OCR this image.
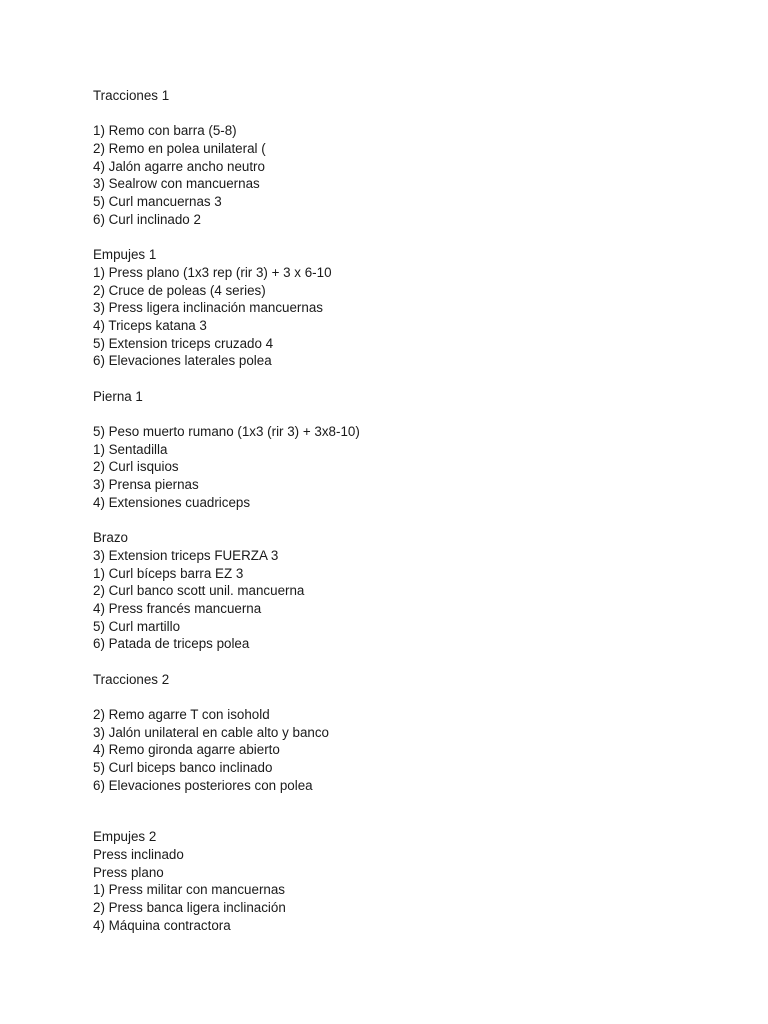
Tracciones 1
1) Remo con barra (5-8)
2) Remo en polea unilateral (
4) Jalón agarre ancho neutro
3) Sealrow con mancuernas
5) Curl mancuernas 3
6) Curl inclinado 2
Empujes 1
1) Press plano (1x3 rep (rir 3) + 3 x 6-10
2) Cruce de poleas (4 series)
3) Press ligera inclinación mancuernas
4) Triceps katana 3
5) Extension triceps cruzado 4
6) Elevaciones laterales polea
Pierna 1
5) Peso muerto rumano (1x3 (rir 3) + 3x8-10)
1) Sentadilla
2) Curl isquios
3) Prensa piernas
4) Extensiones cuadriceps
Brazo
3) Extension triceps FUERZA 3
1) Curl bíceps barra EZ 3
2) Curl banco scott unil. mancuerna
4) Press francés mancuerna
5) Curl martillo
6) Patada de triceps polea
Tracciones 2
2) Remo agarre T con isohold
3) Jalón unilateral en cable alto y banco
4) Remo gironda agarre abierto
5) Curl biceps banco inclinado
6) Elevaciones posteriores con polea
Empujes 2
Press inclinado
Press plano
1) Press militar con mancuernas
2) Press banca ligera inclinación
4) Máquina contractora
